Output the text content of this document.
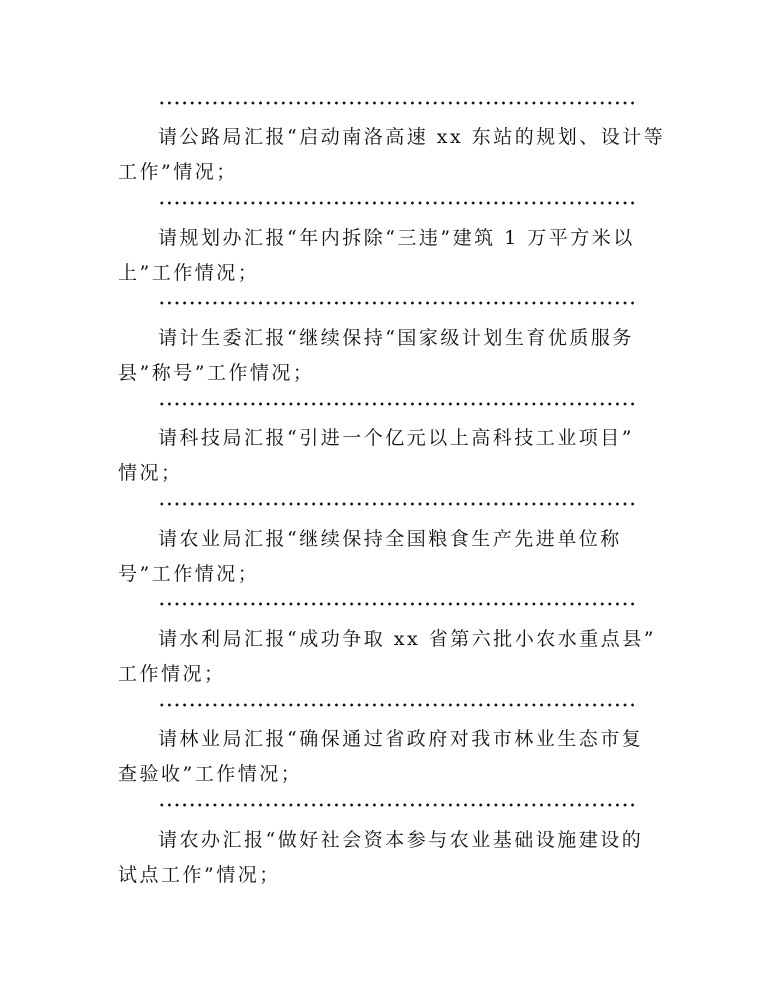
请公路局汇报“启动南洛高速 xx 东站的规划、设计等
工作”情况；
请规划办汇报“年内拆除“三违”建筑 1 万平方米以
上”工作情况；
请计生委汇报“继续保持“国家级计划生育优质服务
县”称号”工作情况；
请科技局汇报“引进一个亿元以上高科技工业项目”
情况；
请农业局汇报“继续保持全国粮食生产先进单位称
号”工作情况；
请水利局汇报“成功争取 xx 省第六批小农水重点县”
工作情况；
请林业局汇报“确保通过省政府对我市林业生态市复
查验收”工作情况；
请农办汇报“做好社会资本参与农业基础设施建设的
试点工作”情况；
